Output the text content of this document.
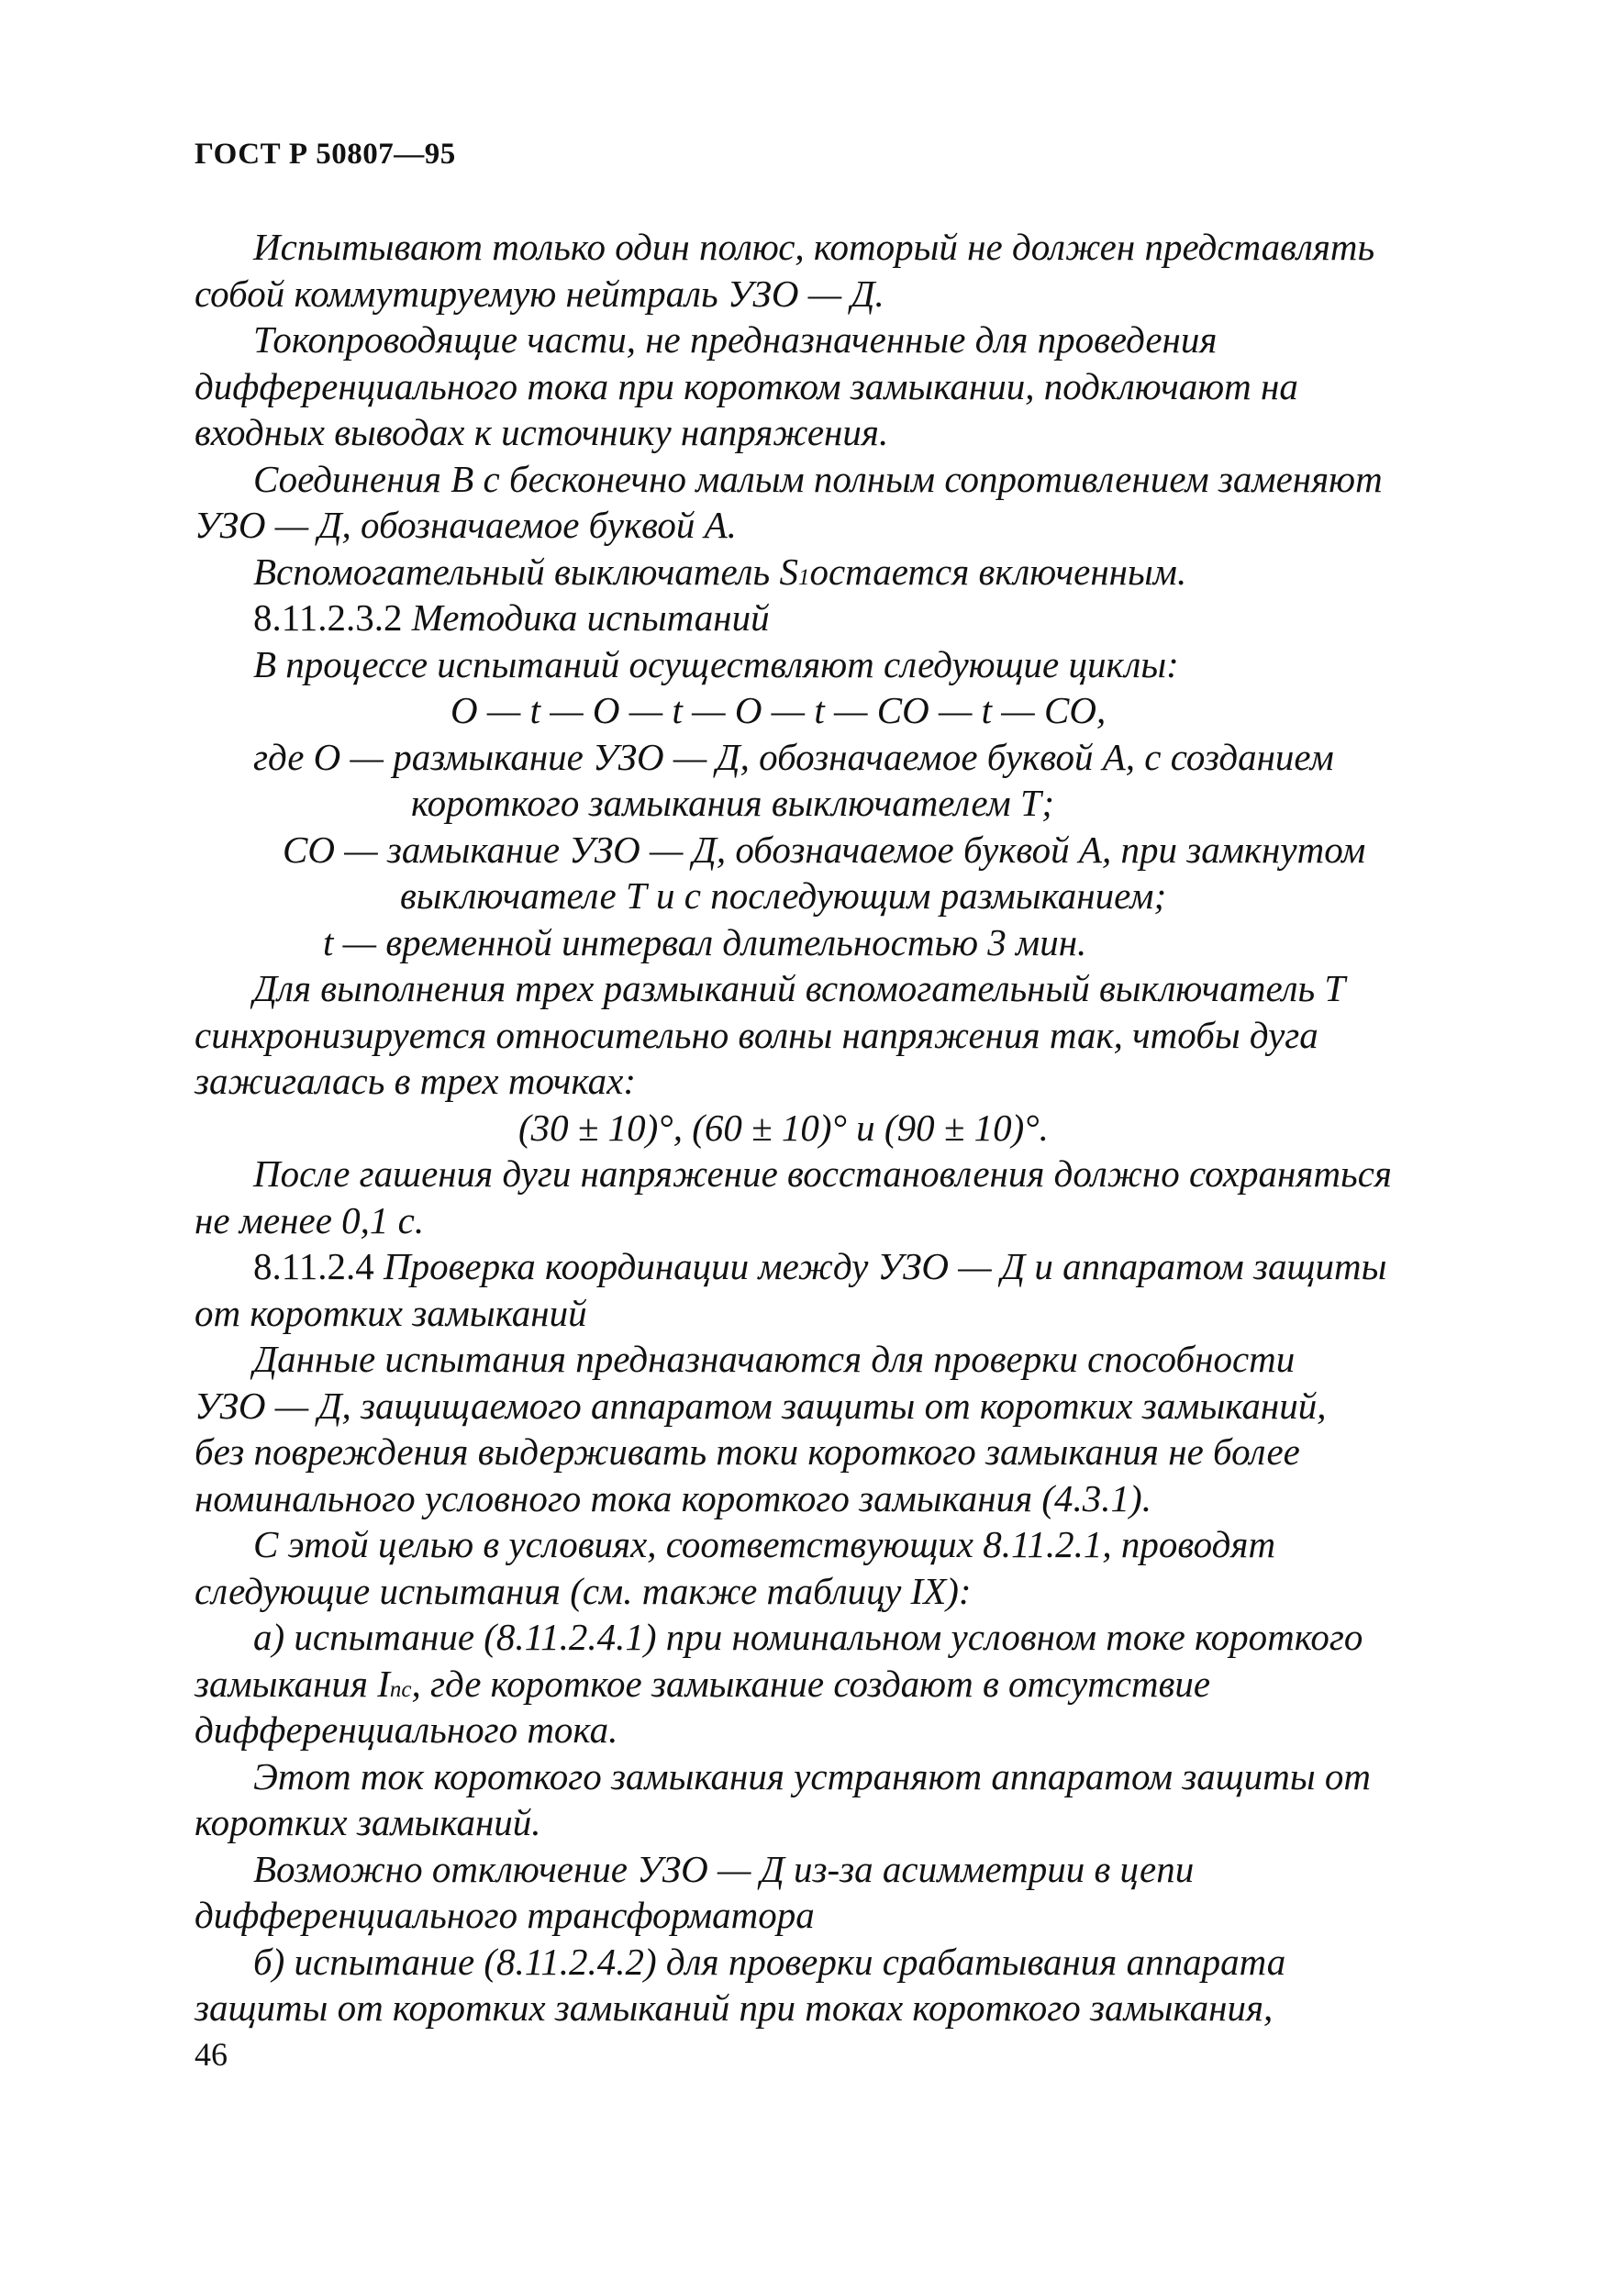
ГОСТ Р 50807—95
Испытывают только один полюс, который не должен представлять
собой коммутируемую нейтраль УЗО — Д.
Токопроводящие части, не предназначенные для проведения
дифференциального тока при коротком замыкании, подключают на
входных выводах к источнику напряжения.
Соединения В с бесконечно малым полным сопротивлением заменяют
УЗО — Д, обозначаемое буквой А.
Вспомогательный выключатель S 1 остается включенным.
8.11.2.3.2
Методика испытаний
В процессе испытаний осуществляют следующие циклы:
O — t — O — t — O — t — CO — t — CO,
где O — размыкание УЗО — Д, обозначаемое буквой А, с созданием
короткого замыкания выключателем Т;
CO — замыкание УЗО — Д, обозначаемое буквой А, при замкнутом
выключателе Т и с последующим размыканием;
t — временной интервал длительностью 3 мин.
Для выполнения трех размыканий вспомогательный выключатель Т
синхронизируется относительно волны напряжения так, чтобы дуга
зажигалась в трех точках:
(30 ± 10)°, (60 ± 10)° и (90 ± 10)°.
После гашения дуги напряжение восстановления должно сохраняться
не менее 0,1 с.
8.11.2.4
Проверка координации между УЗО — Д и аппаратом защиты
от коротких замыканий
Данные испытания предназначаются для проверки способности
УЗО — Д, защищаемого аппаратом защиты от коротких замыканий,
без повреждения выдерживать токи короткого замыкания не более
номинального условного тока короткого замыкания (4.3.1).
С этой целью в условиях, соответствующих 8.11.2.1, проводят
следующие испытания (см. также таблицу IX):
а) испытание (8.11.2.4.1) при номинальном условном токе короткого
замыкания I nc , где короткое замыкание создают в отсутствие
дифференциального тока.
Этот ток короткого замыкания устраняют аппаратом защиты от
коротких замыканий.
Возможно отключение УЗО — Д из-за асимметрии в цепи
дифференциального трансформатора
б) испытание (8.11.2.4.2) для проверки срабатывания аппарата
защиты от коротких замыканий при токах короткого замыкания,
46
